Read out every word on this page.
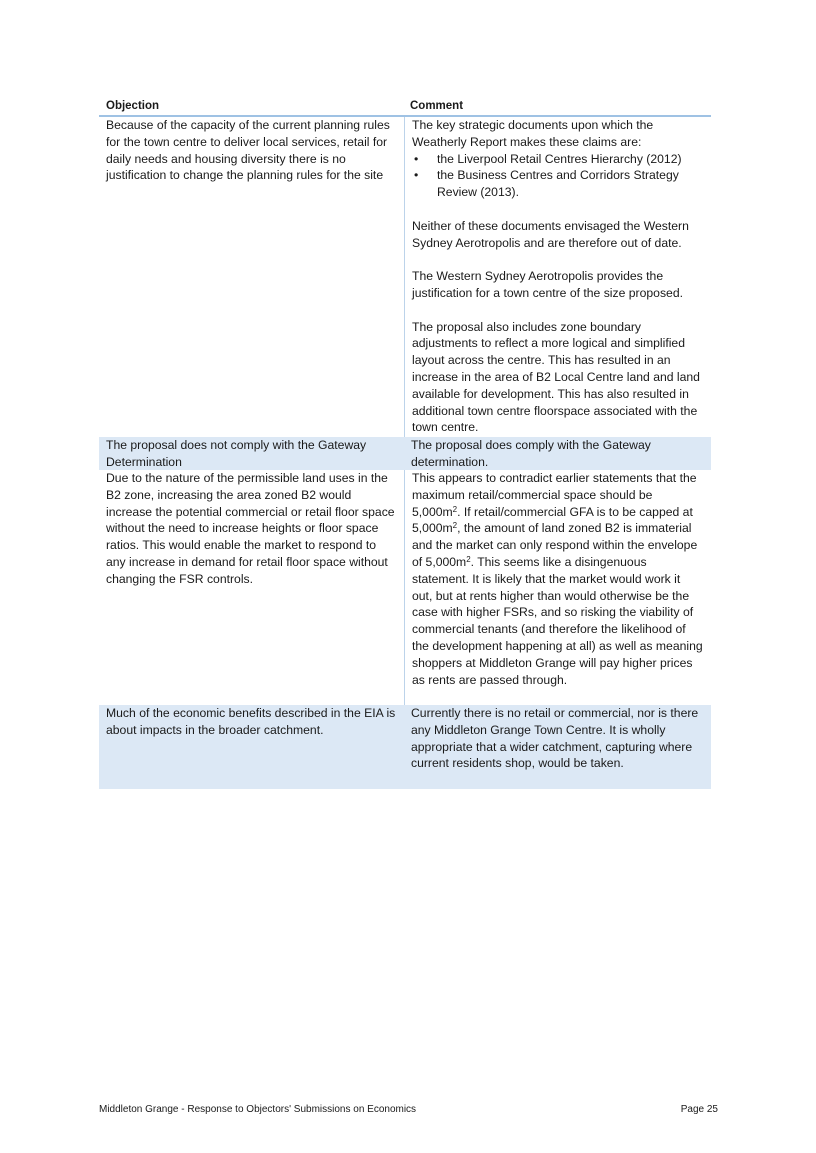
Objection	Comment
Because of the capacity of the current planning rules for the town centre to deliver local services, retail for daily needs and housing diversity there is no justification to change the planning rules for the site

The key strategic documents upon which the Weatherly Report makes these claims are:

• the Liverpool Retail Centres Hierarchy (2012)
• the Business Centres and Corridors Strategy Review (2013).

Neither of these documents envisaged the Western Sydney Aerotropolis and are therefore out of date.

The Western Sydney Aerotropolis provides the justification for a town centre of the size proposed.

The proposal also includes zone boundary adjustments to reflect a more logical and simplified layout across the centre. This has resulted in an increase in the area of B2 Local Centre land and land available for development. This has also resulted in additional town centre floorspace associated with the town centre.

The proposal does not comply with the Gateway Determination
The proposal does comply with the Gateway determination.
Due to the nature of the permissible land uses in the B2 zone, increasing the area zoned B2 would increase the potential commercial or retail floor space without the need to increase heights or floor space ratios. This would enable the market to respond to any increase in demand for retail floor space without changing the FSR controls.
This appears to contradict earlier statements that the maximum retail/commercial space should be $5,000m^2$. If retail/commercial GFA is to be capped at $5,000m^2$, the amount of land zoned B2 is immaterial and the market can only respond within the envelope of $5,000m^2$. This seems like a disingenuous statement. It is likely that the market would work it out, but at rents higher than would otherwise be the case with higher FSRs, and so risking the viability of commercial tenants (and therefore the likelihood of the development happening at all) as well as meaning shoppers at Middleton Grange will pay higher prices as rents are passed through.
Much of the economic benefits described in the EIA is about impacts in the broader catchment.
Currently there is no retail or commercial, nor is there any Middleton Grange Town Centre. It is wholly appropriate that a wider catchment, capturing where current residents shop, would be taken.
Middleton Grange - Response to Objectors' Submissions on Economics	Page 25
